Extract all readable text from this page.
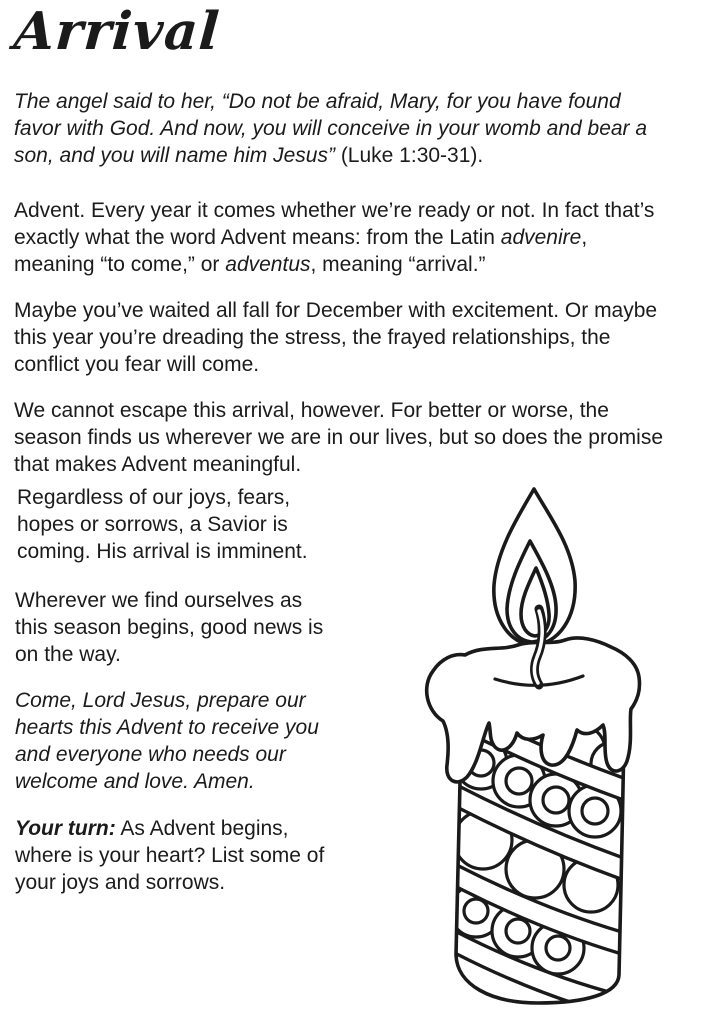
Arrival
The angel said to her, “Do not be afraid, Mary, for you have found
favor with God. And now, you will conceive in your womb and bear a
son, and you will name him Jesus” (Luke 1:30-31).
Advent. Every year it comes whether we’re ready or not. In fact that’s
exactly what the word Advent means: from the Latin advenire,
meaning “to come,” or adventus, meaning “arrival.”
Maybe you’ve waited all fall for December with excitement. Or maybe
this year you’re dreading the stress, the frayed relationships, the
conflict you fear will come.
We cannot escape this arrival, however. For better or worse, the
season finds us wherever we are in our lives, but so does the promise
that makes Advent meaningful.
Regardless of our joys, fears,
hopes or sorrows, a Savior is
coming. His arrival is imminent.
Wherever we find ourselves as
this season begins, good news is
on the way.
Come, Lord Jesus, prepare our
hearts this Advent to receive you
and everyone who needs our
welcome and love. Amen.
Your turn: As Advent begins,
where is your heart? List some of
your joys and sorrows.
